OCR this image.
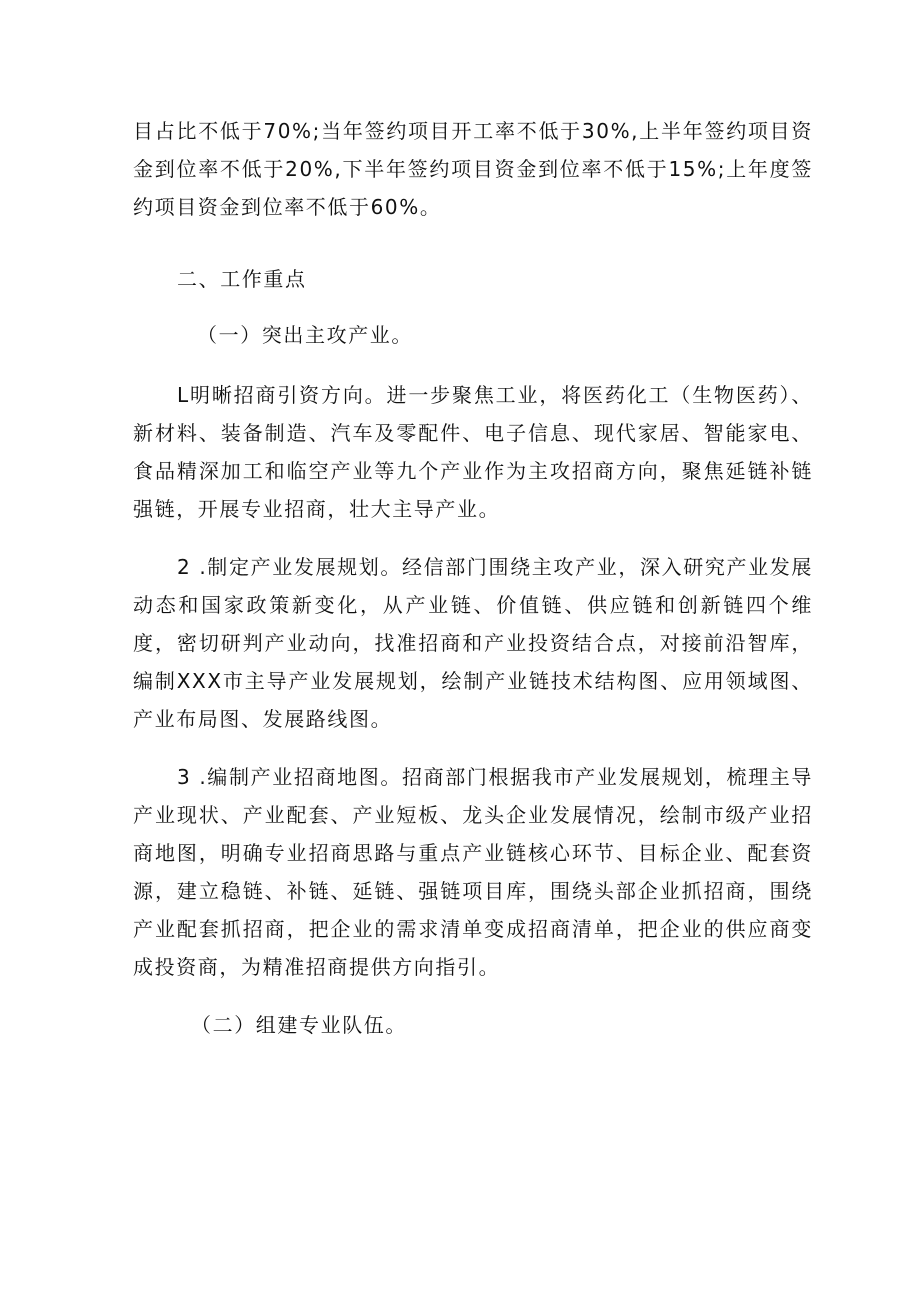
目占比不低于70%;当年签约项目开工率不低于30%,上半年签约项目资金到位率不低于20%,下半年签约项目资金到位率不低于15%;上年度签约项目资金到位率不低于60%。

二、工作重点

（一）突出主攻产业。

L明晰招商引资方向。进一步聚焦工业，将医药化工（生物医药）、新材料、装备制造、汽车及零配件、电子信息、现代家居、智能家电、食品精深加工和临空产业等九个产业作为主攻招商方向，聚焦延链补链强链，开展专业招商，壮大主导产业。

2 .制定产业发展规划。经信部门围绕主攻产业，深入研究产业发展动态和国家政策新变化，从产业链、价值链、供应链和创新链四个维度，密切研判产业动向，找准招商和产业投资结合点，对接前沿智库，编制XXX市主导产业发展规划，绘制产业链技术结构图、应用领域图、产业布局图、发展路线图。

3 .编制产业招商地图。招商部门根据我市产业发展规划，梳理主导产业现状、产业配套、产业短板、龙头企业发展情况，绘制市级产业招商地图，明确专业招商思路与重点产业链核心环节、目标企业、配套资源，建立稳链、补链、延链、强链项目库，围绕头部企业抓招商，围绕产业配套抓招商，把企业的需求清单变成招商清单，把企业的供应商变成投资商，为精准招商提供方向指引。

（二）组建专业队伍。
